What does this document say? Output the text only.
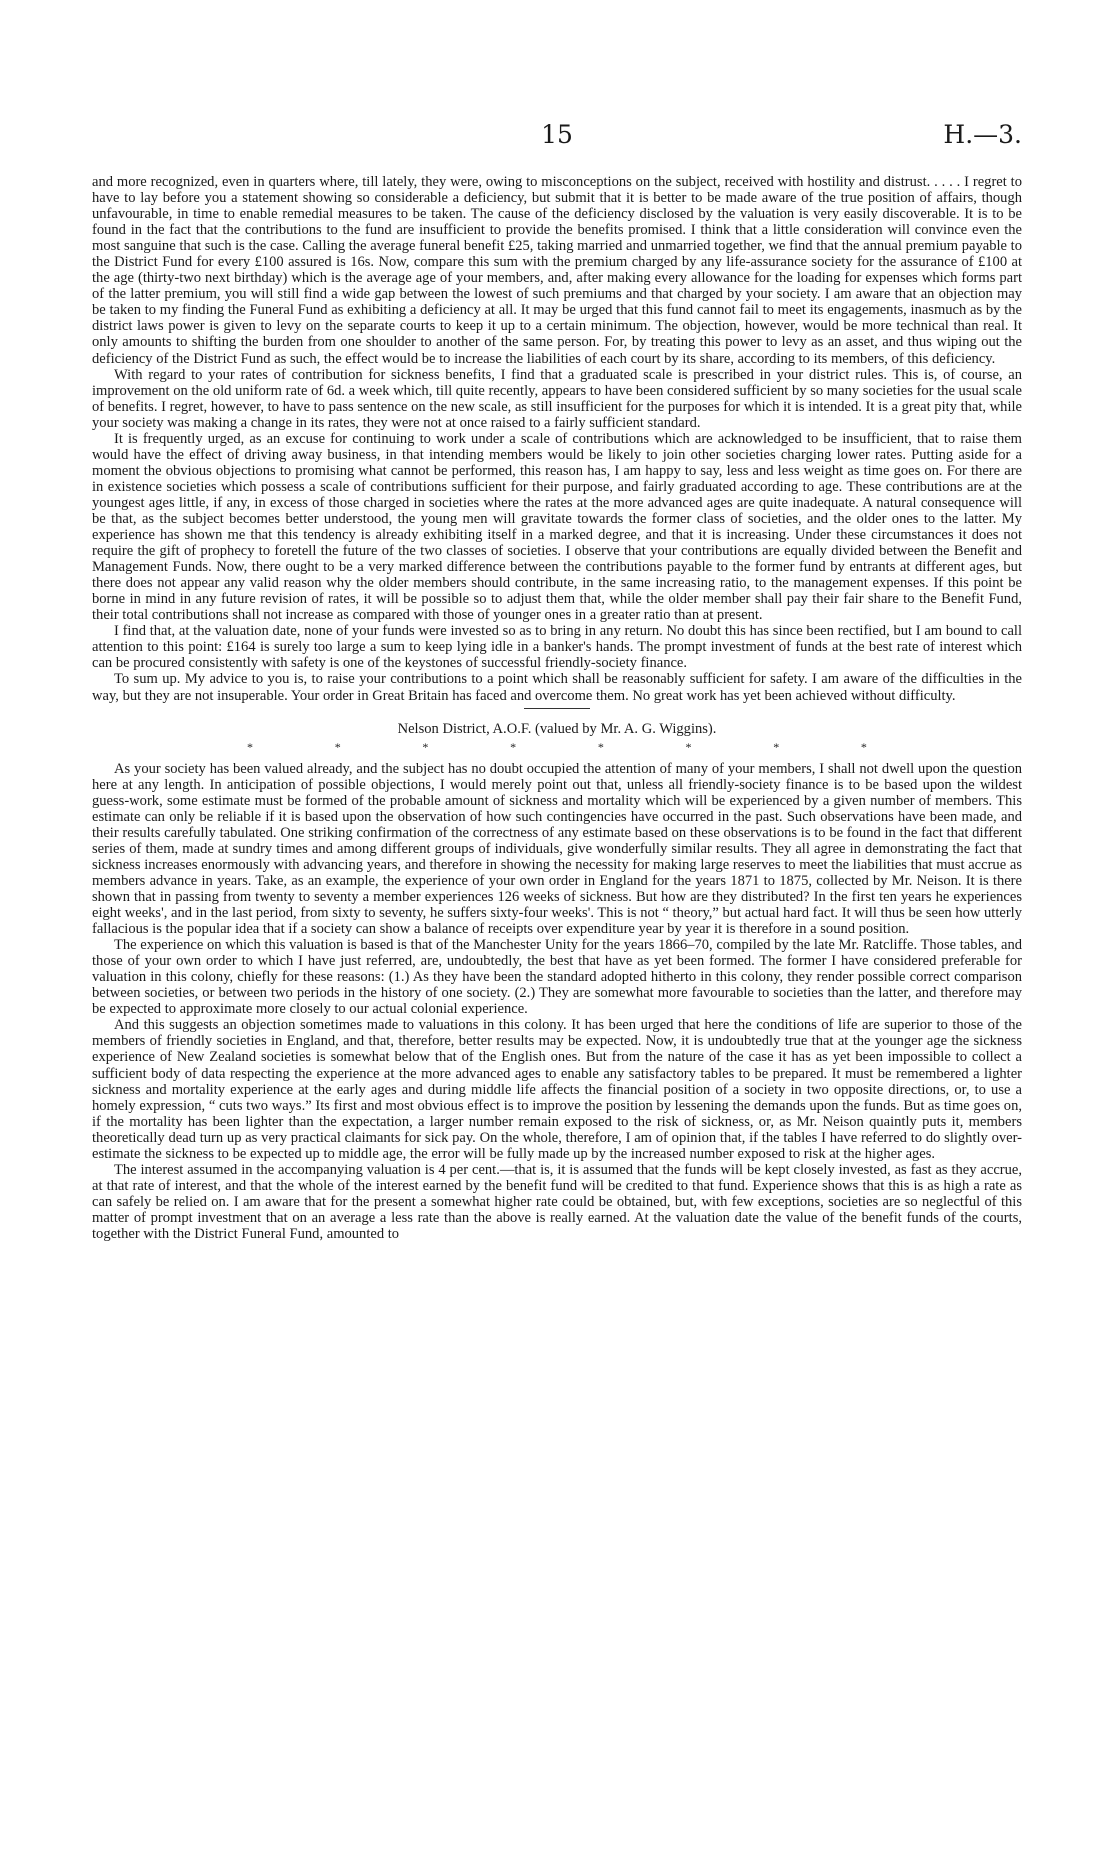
15	H.—3.

and more recognized, even in quarters where, till lately, they were, owing to misconceptions on the subject, received with hostility and distrust. . . . . I regret to have to lay before you a statement showing so considerable a deficiency, but submit that it is better to be made aware of the true position of affairs, though unfavourable, in time to enable remedial measures to be taken. The cause of the deficiency disclosed by the valuation is very easily discoverable. It is to be found in the fact that the contributions to the fund are insufficient to provide the benefits promised. I think that a little consideration will convince even the most sanguine that such is the case. Calling the average funeral benefit £25, taking married and unmarried together, we find that the annual premium payable to the District Fund for every £100 assured is 16s. Now, compare this sum with the premium charged by any life-assurance society for the assurance of £100 at the age (thirty-two next birthday) which is the average age of your members, and, after making every allowance for the loading for expenses which forms part of the latter premium, you will still find a wide gap between the lowest of such premiums and that charged by your society. I am aware that an objection may be taken to my finding the Funeral Fund as exhibiting a deficiency at all. It may be urged that this fund cannot fail to meet its engagements, inasmuch as by the district laws power is given to levy on the separate courts to keep it up to a certain minimum. The objection, however, would be more technical than real. It only amounts to shifting the burden from one shoulder to another of the same person. For, by treating this power to levy as an asset, and thus wiping out the deficiency of the District Fund as such, the effect would be to increase the liabilities of each court by its share, according to its members, of this deficiency.

With regard to your rates of contribution for sickness benefits, I find that a graduated scale is prescribed in your district rules. This is, of course, an improvement on the old uniform rate of 6d. a week which, till quite recently, appears to have been considered sufficient by so many societies for the usual scale of benefits. I regret, however, to have to pass sentence on the new scale, as still insufficient for the purposes for which it is intended. It is a great pity that, while your society was making a change in its rates, they were not at once raised to a fairly sufficient standard.

It is frequently urged, as an excuse for continuing to work under a scale of contributions which are acknowledged to be insufficient, that to raise them would have the effect of driving away business, in that intending members would be likely to join other societies charging lower rates. Putting aside for a moment the obvious objections to promising what cannot be performed, this reason has, I am happy to say, less and less weight as time goes on. For there are in existence societies which possess a scale of contributions sufficient for their purpose, and fairly graduated according to age. These contributions are at the youngest ages little, if any, in excess of those charged in societies where the rates at the more advanced ages are quite inadequate. A natural consequence will be that, as the subject becomes better understood, the young men will gravitate towards the former class of societies, and the older ones to the latter. My experience has shown me that this tendency is already exhibiting itself in a marked degree, and that it is increasing. Under these circumstances it does not require the gift of prophecy to foretell the future of the two classes of societies. I observe that your contributions are equally divided between the Benefit and Management Funds. Now, there ought to be a very marked difference between the contributions payable to the former fund by entrants at different ages, but there does not appear any valid reason why the older members should contribute, in the same increasing ratio, to the management expenses. If this point be borne in mind in any future revision of rates, it will be possible so to adjust them that, while the older member shall pay their fair share to the Benefit Fund, their total contributions shall not increase as compared with those of younger ones in a greater ratio than at present.

I find that, at the valuation date, none of your funds were invested so as to bring in any return. No doubt this has since been rectified, but I am bound to call attention to this point: £164 is surely too large a sum to keep lying idle in a banker's hands. The prompt investment of funds at the best rate of interest which can be procured consistently with safety is one of the keystones of successful friendly-society finance.

To sum up. My advice to you is, to raise your contributions to a point which shall be reasonably sufficient for safety. I am aware of the difficulties in the way, but they are not insuperable. Your order in Great Britain has faced and overcome them. No great work has yet been achieved without difficulty.

Nelson District, A.O.F. (valued by Mr. A. G. Wiggins).
*	*	*	*	*	*	*	*

As your society has been valued already, and the subject has no doubt occupied the attention of many of your members, I shall not dwell upon the question here at any length. In anticipation of possible objections, I would merely point out that, unless all friendly-society finance is to be based upon the wildest guess-work, some estimate must be formed of the probable amount of sickness and mortality which will be experienced by a given number of members. This estimate can only be reliable if it is based upon the observation of how such contingencies have occurred in the past. Such observations have been made, and their results carefully tabulated. One striking confirmation of the correctness of any estimate based on these observations is to be found in the fact that different series of them, made at sundry times and among different groups of individuals, give wonderfully similar results. They all agree in demonstrating the fact that sickness increases enormously with advancing years, and therefore in showing the necessity for making large reserves to meet the liabilities that must accrue as members advance in years. Take, as an example, the experience of your own order in England for the years 1871 to 1875, collected by Mr. Neison. It is there shown that in passing from twenty to seventy a member experiences 126 weeks of sickness. But how are they distributed? In the first ten years he experiences eight weeks', and in the last period, from sixty to seventy, he suffers sixty-four weeks'. This is not “ theory,” but actual hard fact. It will thus be seen how utterly fallacious is the popular idea that if a society can show a balance of receipts over expenditure year by year it is therefore in a sound position.

The experience on which this valuation is based is that of the Manchester Unity for the years 1866–70, compiled by the late Mr. Ratcliffe. Those tables, and those of your own order to which I have just referred, are, undoubtedly, the best that have as yet been formed. The former I have considered preferable for valuation in this colony, chiefly for these reasons: (1.) As they have been the standard adopted hitherto in this colony, they render possible correct comparison between societies, or between two periods in the history of one society. (2.) They are somewhat more favourable to societies than the latter, and therefore may be expected to approximate more closely to our actual colonial experience.

And this suggests an objection sometimes made to valuations in this colony. It has been urged that here the conditions of life are superior to those of the members of friendly societies in England, and that, therefore, better results may be expected. Now, it is undoubtedly true that at the younger age the sickness experience of New Zealand societies is somewhat below that of the English ones. But from the nature of the case it has as yet been impossible to collect a sufficient body of data respecting the experience at the more advanced ages to enable any satisfactory tables to be prepared. It must be remembered a lighter sickness and mortality experience at the early ages and during middle life affects the financial position of a society in two opposite directions, or, to use a homely expression, “ cuts two ways.” Its first and most obvious effect is to improve the position by lessening the demands upon the funds. But as time goes on, if the mortality has been lighter than the expectation, a larger number remain exposed to the risk of sickness, or, as Mr. Neison quaintly puts it, members theoretically dead turn up as very practical claimants for sick pay. On the whole, therefore, I am of opinion that, if the tables I have referred to do slightly over-estimate the sickness to be expected up to middle age, the error will be fully made up by the increased number exposed to risk at the higher ages.

The interest assumed in the accompanying valuation is 4 per cent.—that is, it is assumed that the funds will be kept closely invested, as fast as they accrue, at that rate of interest, and that the whole of the interest earned by the benefit fund will be credited to that fund. Experience shows that this is as high a rate as can safely be relied on. I am aware that for the present a somewhat higher rate could be obtained, but, with few exceptions, societies are so neglectful of this matter of prompt investment that on an average a less rate than the above is really earned. At the valuation date the value of the benefit funds of the courts, together with the District Funeral Fund, amounted to
